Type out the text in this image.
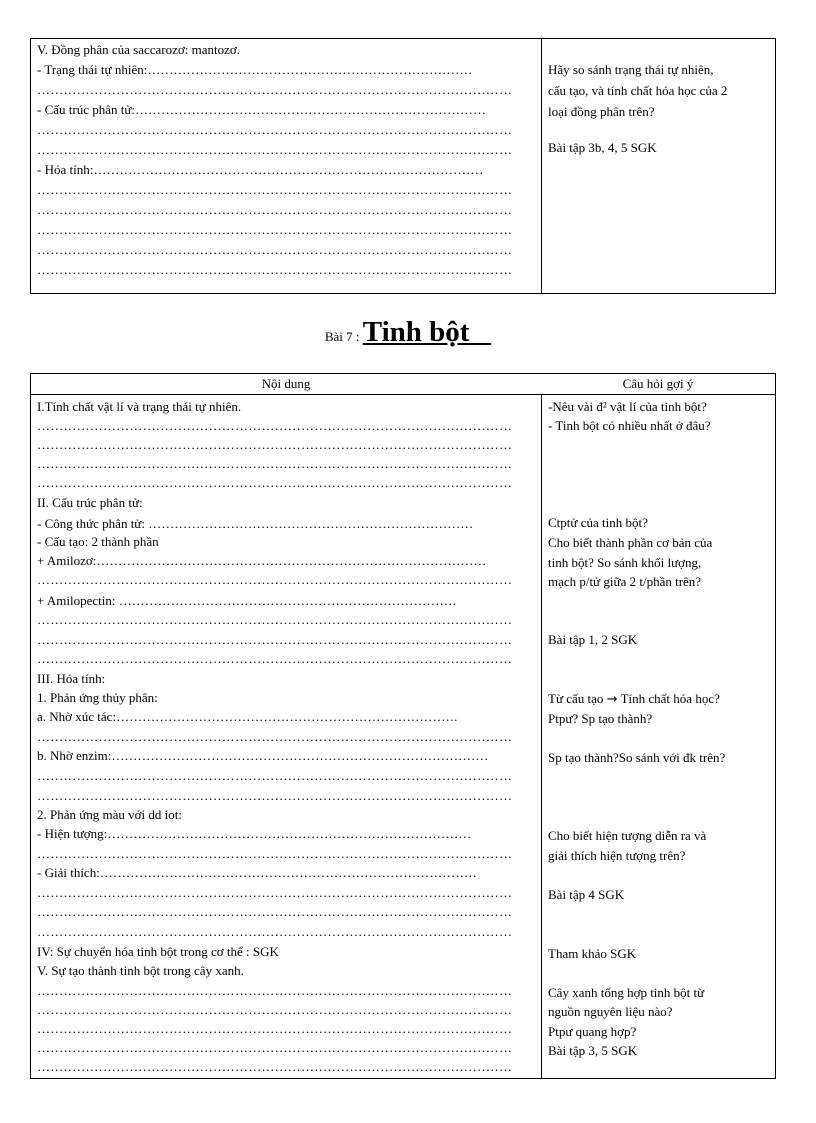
V. Đồng phân của saccarozơ: mantozơ.
- Trạng thái tự nhiên:…………………………………………………………………
………………………………………………………………………………………………
- Cấu trúc phân tử:………………………………………………………………………
………………………………………………………………………………………………
………………………………………………………………………………………………
- Hóa tính:………………………………………………………………………………
………………………………………………………………………………………………
………………………………………………………………………………………………
………………………………………………………………………………………………
………………………………………………………………………………………………
………………………………………………………………………………………………
Hãy so sánh trạng thái tự nhiên,
cấu tạo, và tính chất hóa học của 2
loại đồng phân trên?
Bài tập 3b, 4, 5 SGK
Bài 7 : Tinh bột
Nội dung	Câu hỏi gợi ý
I.Tính chất vật lí và trạng thái tự nhiên.
………………………………………………………………………………………………
………………………………………………………………………………………………
………………………………………………………………………………………………
………………………………………………………………………………………………
II. Cấu trúc phân tử:
- Công thức phân tử: …………………………………………………………………
- Cấu tạo: 2 thành phần
+ Amilozơ:………………………………………………………………………………
………………………………………………………………………………………………
+ Amilopectin: ……………………………………………………………………
………………………………………………………………………………………………
………………………………………………………………………………………………
………………………………………………………………………………………………
III. Hóa tính:
1. Phản ứng thủy phân:
a. Nhờ xúc tác:…………………………………………………………………….
………………………………………………………………………………………………
b. Nhờ enzim:……………………………………………………………………………
………………………………………………………………………………………………
………………………………………………………………………………………………
2. Phản ứng màu với dd iot:
- Hiện tượng:…………………………………………………………………………
………………………………………………………………………………………………
- Giải thích:……………………………………………………………………………
………………………………………………………………………………………………
………………………………………………………………………………………………
………………………………………………………………………………………………
IV: Sự chuyển hóa tinh bột trong cơ thể : SGK
V. Sự tạo thành tinh bột trong cây xanh.
………………………………………………………………………………………………
………………………………………………………………………………………………
………………………………………………………………………………………………
………………………………………………………………………………………………
………………………………………………………………………………………………
-Nêu vài đ² vật lí của tinh bột?
- Tinh bột có nhiều nhất ở đâu?
Ctptử của tinh bột?
Cho biết thành phần cơ bản của
tinh bột? So sánh khối lượng,
mạch p/tử giữa 2 t/phần trên?
Bài tập 1, 2 SGK
Từ cấu tạo → Tính chất hóa học?
Ptpư? Sp tạo thành?
Sp tạo thành?So sánh với đk trên?
Cho biết hiện tượng diễn ra và
giải thích hiện tượng trên?
Bài tập 4 SGK
Tham khảo SGK
Cây xanh tổng hợp tinh bột từ
nguồn nguyên liệu nào?
Ptpư quang hợp?
Bài tập 3, 5 SGK
